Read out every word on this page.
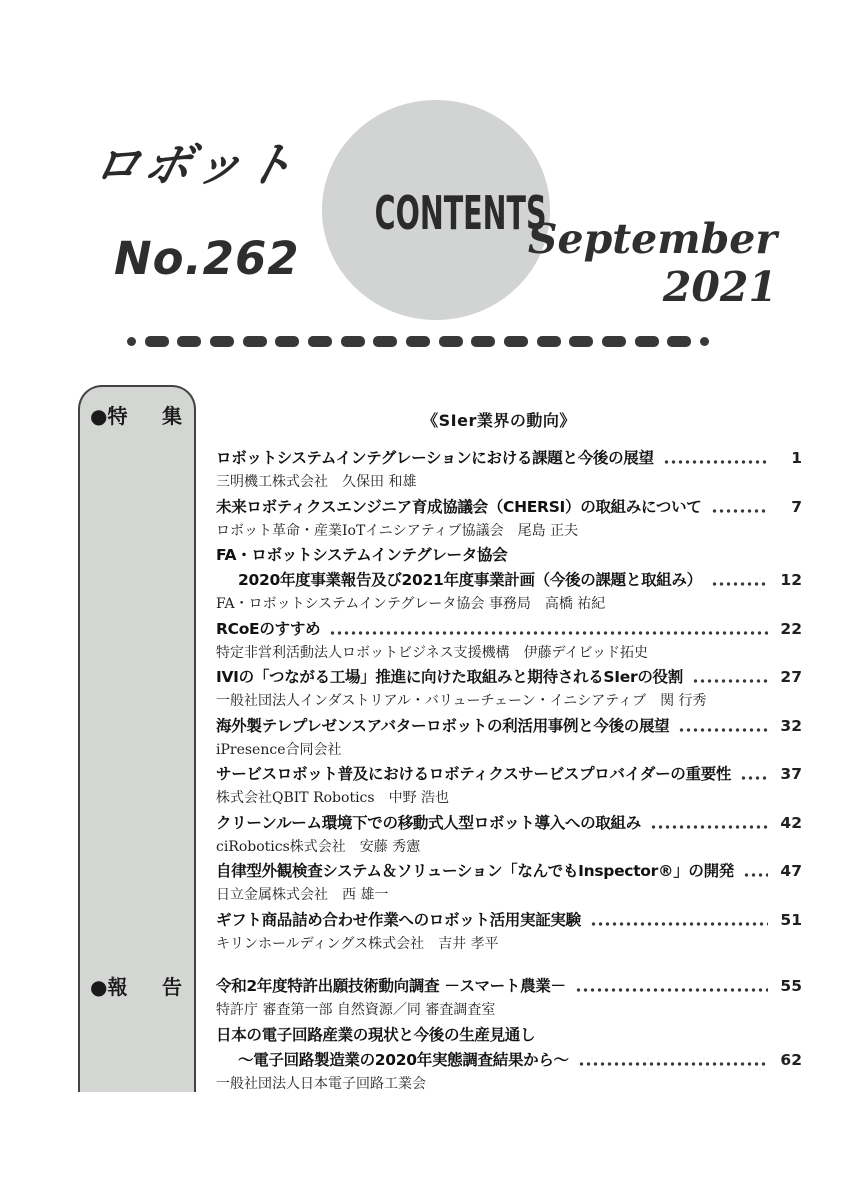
ロボット
No.262
CONTENTS
September
2021
●特 集
●報 告
《SIer業界の動向》
ロボットシステムインテグレーションにおける課題と今後の展望	1
三明機工株式会社　久保田 和雄
未来ロボティクスエンジニア育成協議会（CHERSI）の取組みについて	7
ロボット革命・産業IoTイニシアティブ協議会　尾島 正夫
FA・ロボットシステムインテグレータ協会
2020年度事業報告及び2021年度事業計画（今後の課題と取組み）	12
FA・ロボットシステムインテグレータ協会 事務局　高橋 祐紀
RCoEのすすめ	22
特定非営利活動法人ロボットビジネス支援機構　伊藤デイビッド拓史
IVIの「つながる工場」推進に向けた取組みと期待されるSIerの役割	27
一般社団法人インダストリアル・バリューチェーン・イニシアティブ　関 行秀
海外製テレプレゼンスアバターロボットの利活用事例と今後の展望	32
iPresence合同会社
サービスロボット普及におけるロボティクスサービスプロバイダーの重要性	37
株式会社QBIT Robotics　中野 浩也
クリーンルーム環境下での移動式人型ロボット導入への取組み	42
ciRobotics株式会社　安藤 秀憲
自律型外観検査システム＆ソリューション「なんでもInspector®」の開発	47
日立金属株式会社　西 雄一
ギフト商品詰め合わせ作業へのロボット活用実証実験	51
キリンホールディングス株式会社　吉井 孝平
令和2年度特許出願技術動向調査 －スマート農業－	55
特許庁 審査第一部 自然資源／同 審査調査室
日本の電子回路産業の現状と今後の生産見通し
～電子回路製造業の2020年実態調査結果から～	62
一般社団法人日本電子回路工業会
